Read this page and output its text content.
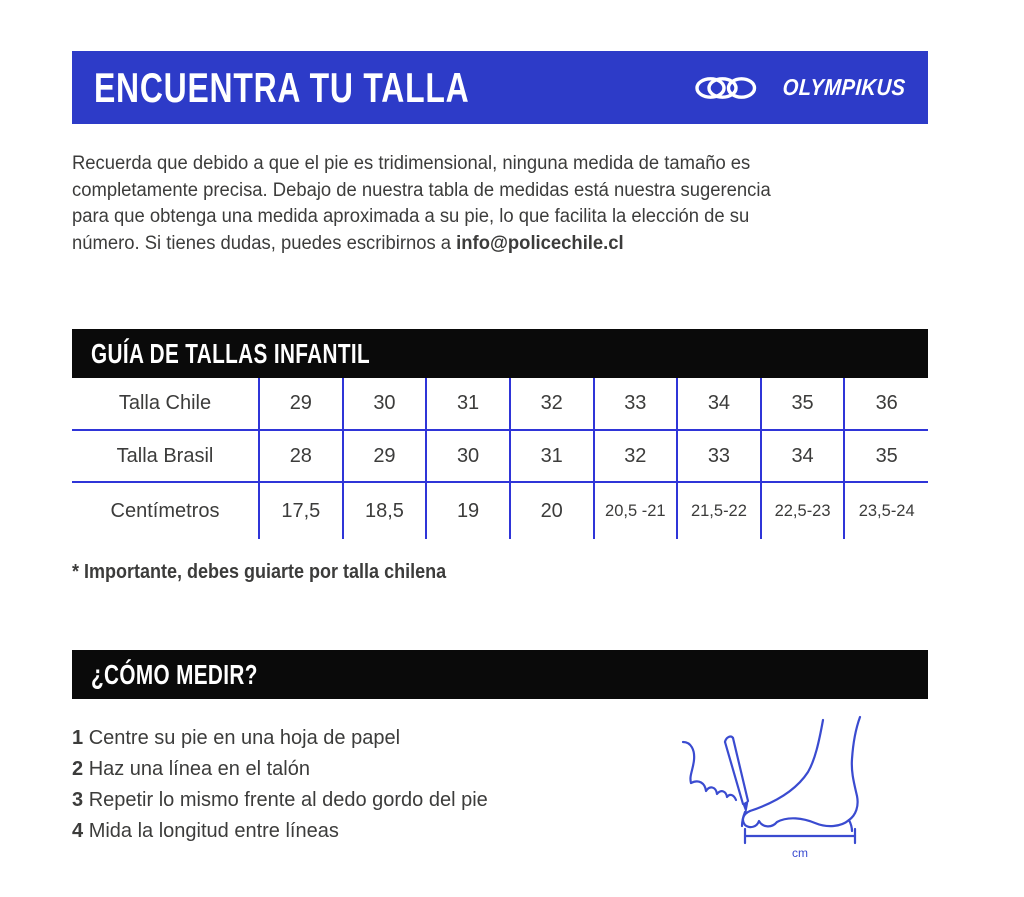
ENCUENTRA TU TALLA	OLYMPIKUS
Recuerda que debido a que el pie es tridimensional, ninguna medida de tamaño es
completamente precisa. Debajo de nuestra tabla de medidas está nuestra sugerencia
para que obtenga una medida aproximada a su pie, lo que facilita la elección de su
número. Si tienes dudas, puedes escribirnos a info@policechile.cl
GUÍA DE TALLAS INFANTIL
Talla Chile	29	30	31	32	33	34	35	36
Talla Brasil	28	29	30	31	32	33	34	35
Centímetros	17,5	18,5	19	20	20,5 -21	21,5-22	22,5-23	23,5-24
* Importante, debes guiarte por talla chilena
¿CÓMO MEDIR?
1 Centre su pie en una hoja de papel
2 Haz una línea en el talón
3 Repetir lo mismo frente al dedo gordo del pie
4 Mida la longitud entre líneas
cm
